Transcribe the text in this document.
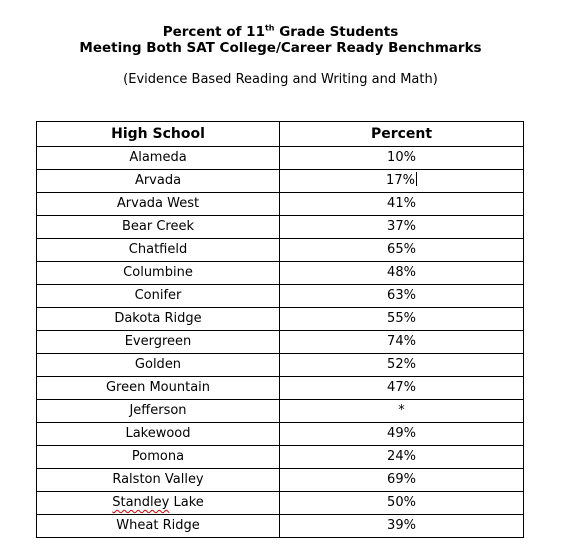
Percent of 11th Grade Students
Meeting Both SAT College/Career Ready Benchmarks
(Evidence Based Reading and Writing and Math)
High School	Percent
Alameda	10%
Arvada	17%
Arvada West	41%
Bear Creek	37%
Chatfield	65%
Columbine	48%
Conifer	63%
Dakota Ridge	55%
Evergreen	74%
Golden	52%
Green Mountain	47%
Jefferson	*
Lakewood	49%
Pomona	24%
Ralston Valley	69%
Standley Lake	50%
Wheat Ridge	39%
